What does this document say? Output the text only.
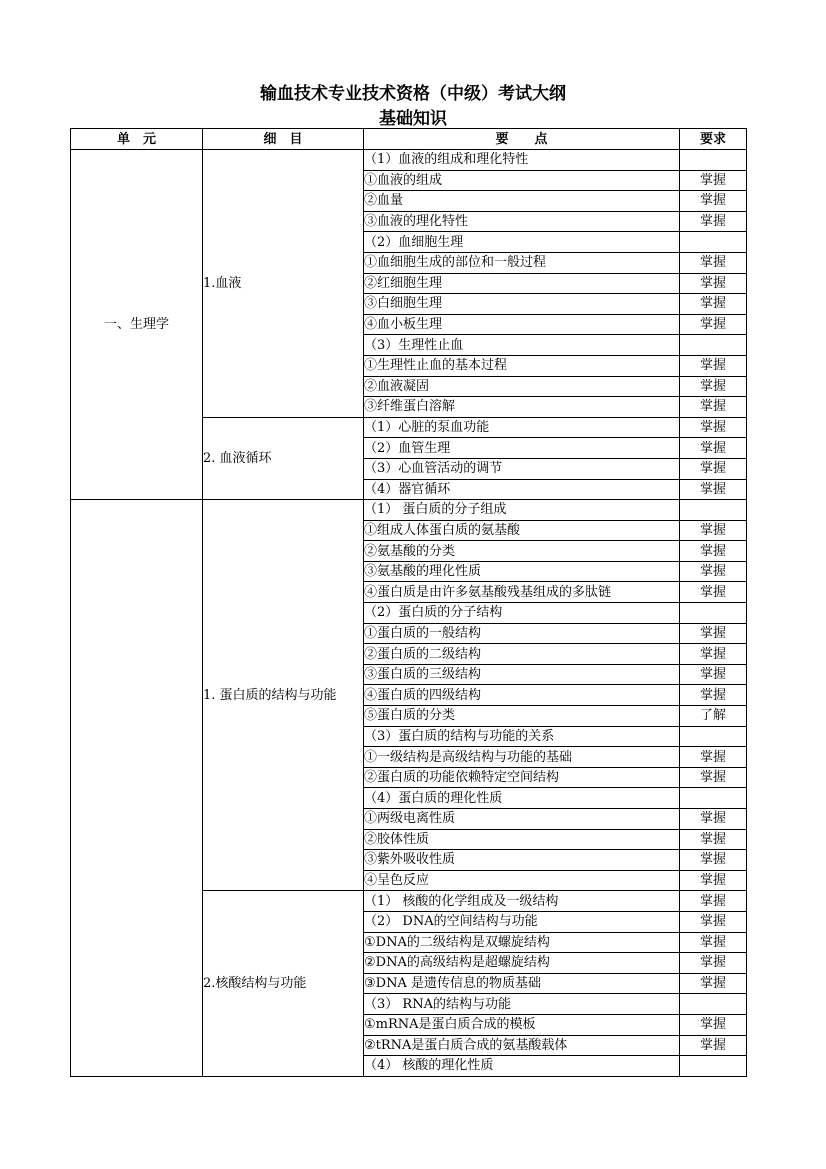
输血技术专业技术资格（中级）考试大纲
基础知识
单　元	细　目	要　　点	要求
一、生理学	1.血液	（1）血液的组成和理化特性	
		①血液的组成	掌握
		②血量	掌握
		③血液的理化特性	掌握
		（2）血细胞生理	
		①血细胞生成的部位和一般过程	掌握
		②红细胞生理	掌握
		③白细胞生理	掌握
		④血小板生理	掌握
		（3）生理性止血	
		①生理性止血的基本过程	掌握
		②血液凝固	掌握
		③纤维蛋白溶解	掌握
	2. 血液循环	（1）心脏的泵血功能	掌握
		（2）血管生理	掌握
		（3）心血管活动的调节	掌握
		（4）器官循环	掌握
	1. 蛋白质的结构与功能	（1） 蛋白质的分子组成	
		①组成人体蛋白质的氨基酸	掌握
		②氨基酸的分类	掌握
		③氨基酸的理化性质	掌握
		④蛋白质是由许多氨基酸残基组成的多肽链	掌握
		（2）蛋白质的分子结构	
		①蛋白质的一般结构	掌握
		②蛋白质的二级结构	掌握
		③蛋白质的三级结构	掌握
		④蛋白质的四级结构	掌握
		⑤蛋白质的分类	了解
		（3）蛋白质的结构与功能的关系	
		①一级结构是高级结构与功能的基础	掌握
		②蛋白质的功能依赖特定空间结构	掌握
		（4）蛋白质的理化性质	
		①两级电离性质	掌握
		②胶体性质	掌握
		③紫外吸收性质	掌握
		④呈色反应	掌握
	2.核酸结构与功能	（1） 核酸的化学组成及一级结构	掌握
		（2） DNA的空间结构与功能	掌握
		①DNA的二级结构是双螺旋结构	掌握
		②DNA的高级结构是超螺旋结构	掌握
		③DNA 是遗传信息的物质基础	掌握
		（3） RNA的结构与功能	
		①mRNA是蛋白质合成的模板	掌握
		②tRNA是蛋白质合成的氨基酸载体	掌握
		（4） 核酸的理化性质	
